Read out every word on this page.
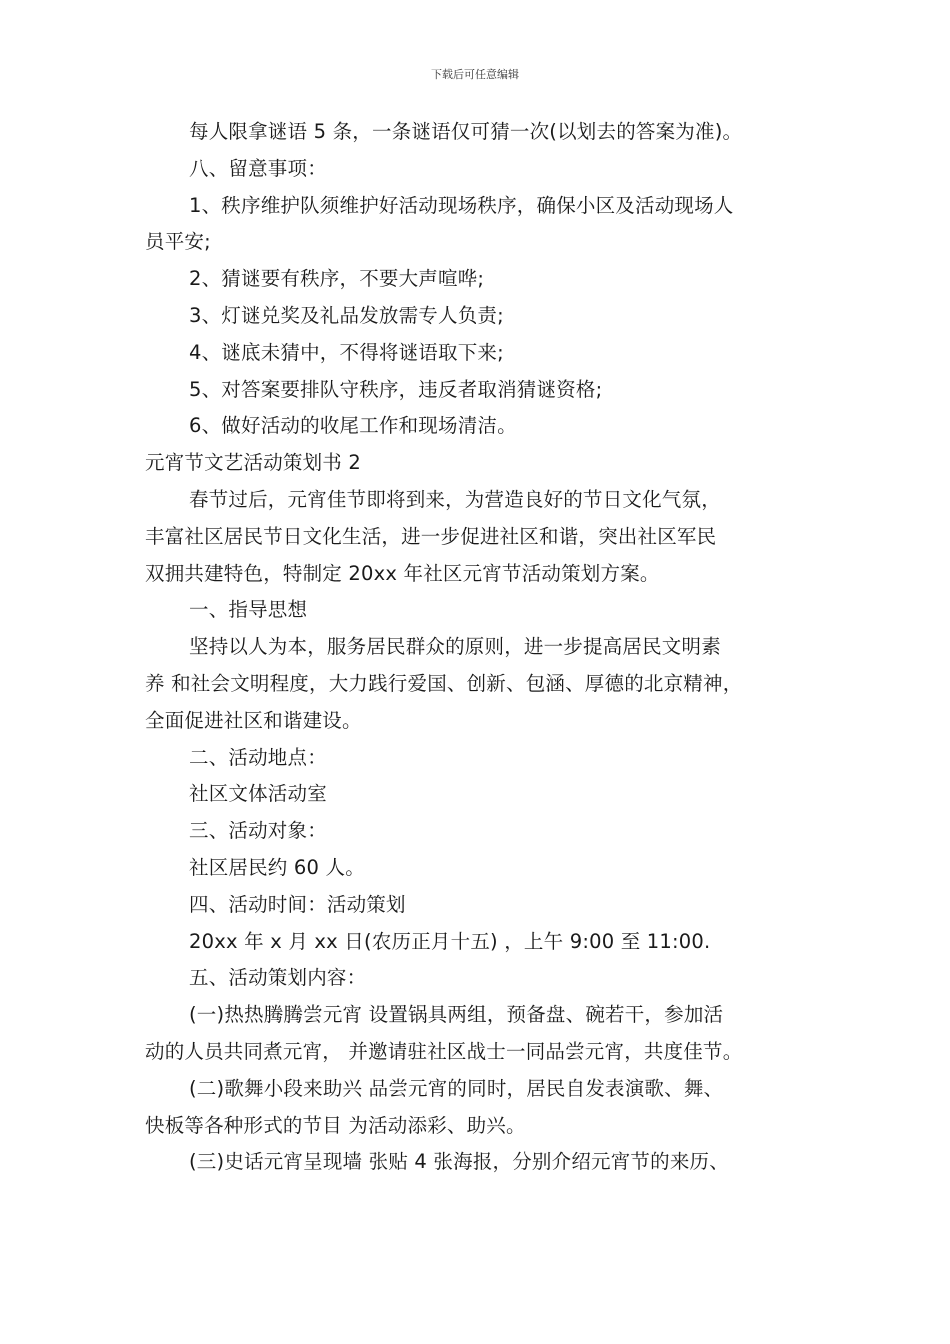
下载后可任意编辑
每人限拿谜语 5 条，一条谜语仅可猜一次(以划去的答案为准)。
八、留意事项：
1、秩序维护队须维护好活动现场秩序，确保小区及活动现场人
员平安;
2、猜谜要有秩序，不要大声喧哗;
3、灯谜兑奖及礼品发放需专人负责;
4、谜底未猜中，不得将谜语取下来;
5、对答案要排队守秩序，违反者取消猜谜资格;
6、做好活动的收尾工作和现场清洁。
元宵节文艺活动策划书 2
春节过后，元宵佳节即将到来，为营造良好的节日文化气氛，
丰富社区居民节日文化生活，进一步促进社区和谐，突出社区军民
双拥共建特色，特制定 20xx 年社区元宵节活动策划方案。
一、指导思想
坚持以人为本，服务居民群众的原则，进一步提高居民文明素
养 和社会文明程度，大力践行爱国、创新、包涵、厚德的北京精神，
全面促进社区和谐建设。
二、活动地点：
社区文体活动室
三、活动对象：
社区居民约 60 人。
四、活动时间：活动策划
20xx 年 x 月 xx 日(农历正月十五) ，上午 9:00 至 11:00.
五、活动策划内容：
(一)热热腾腾尝元宵 设置锅具两组，预备盘、碗若干，参加活
动的人员共同煮元宵， 并邀请驻社区战士一同品尝元宵，共度佳节。
(二)歌舞小段来助兴 品尝元宵的同时，居民自发表演歌、舞、
快板等各种形式的节目 为活动添彩、助兴。
(三)史话元宵呈现墙 张贴 4 张海报，分别介绍元宵节的来历、
